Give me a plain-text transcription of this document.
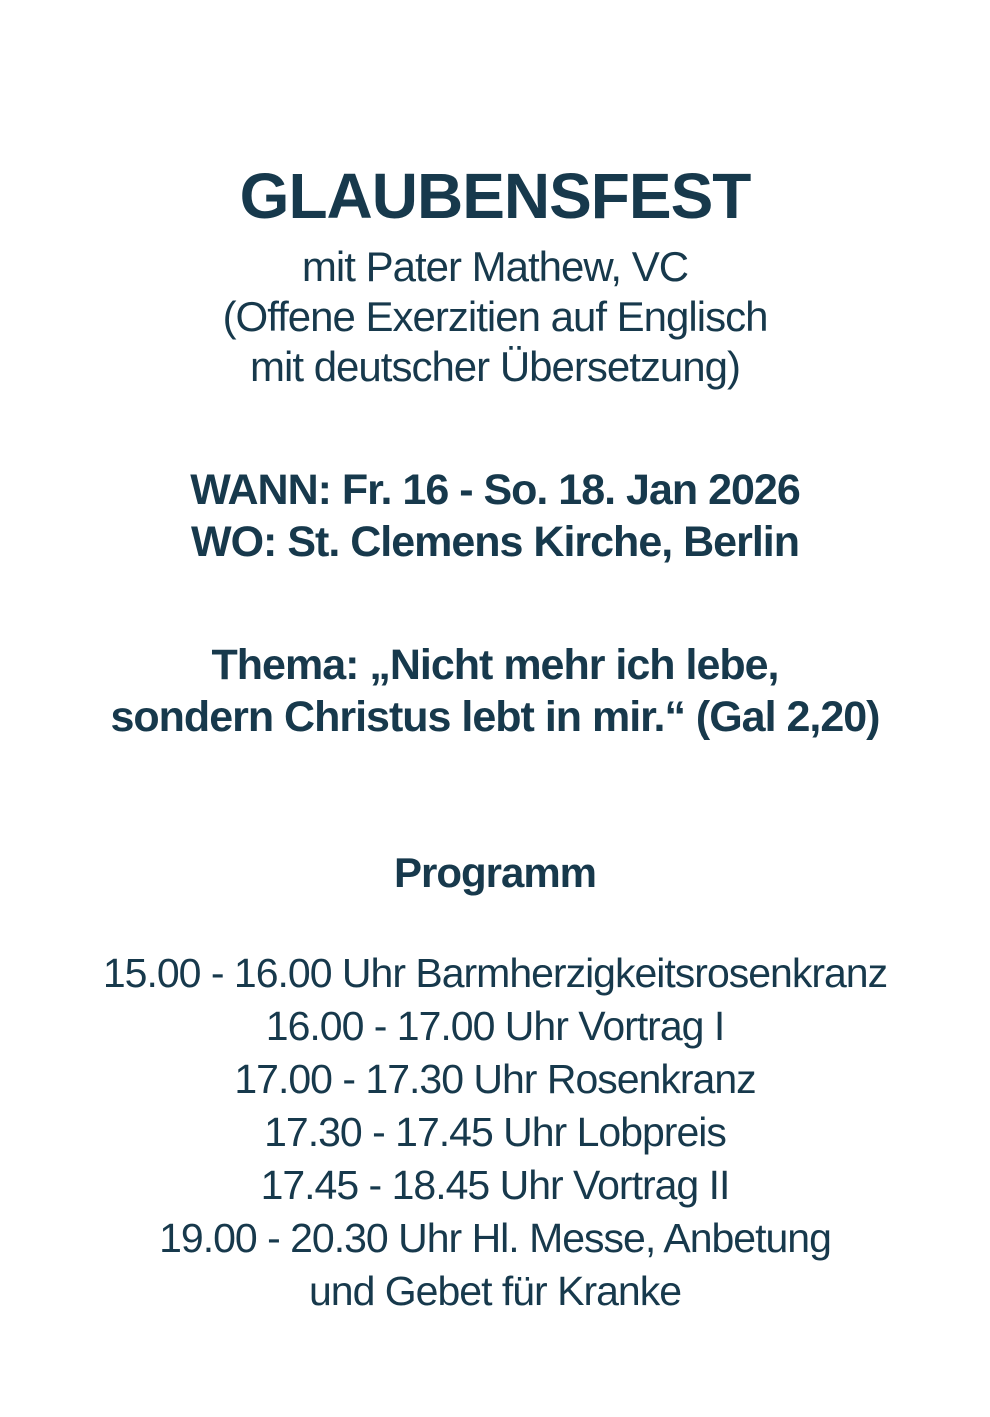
GLAUBENSFEST
mit Pater Mathew, VC
(Offene Exerzitien auf Englisch
mit deutscher Übersetzung)
WANN: Fr. 16 - So. 18. Jan 2026
WO: St. Clemens Kirche, Berlin
Thema: „Nicht mehr ich lebe,
sondern Christus lebt in mir.“ (Gal 2,20)
Programm
15.00 - 16.00 Uhr Barmherzigkeitsrosenkranz
16.00 - 17.00 Uhr Vortrag I
17.00 - 17.30 Uhr Rosenkranz
17.30 - 17.45 Uhr Lobpreis
17.45 - 18.45 Uhr Vortrag II
19.00 - 20.30 Uhr Hl. Messe, Anbetung
und Gebet für Kranke
